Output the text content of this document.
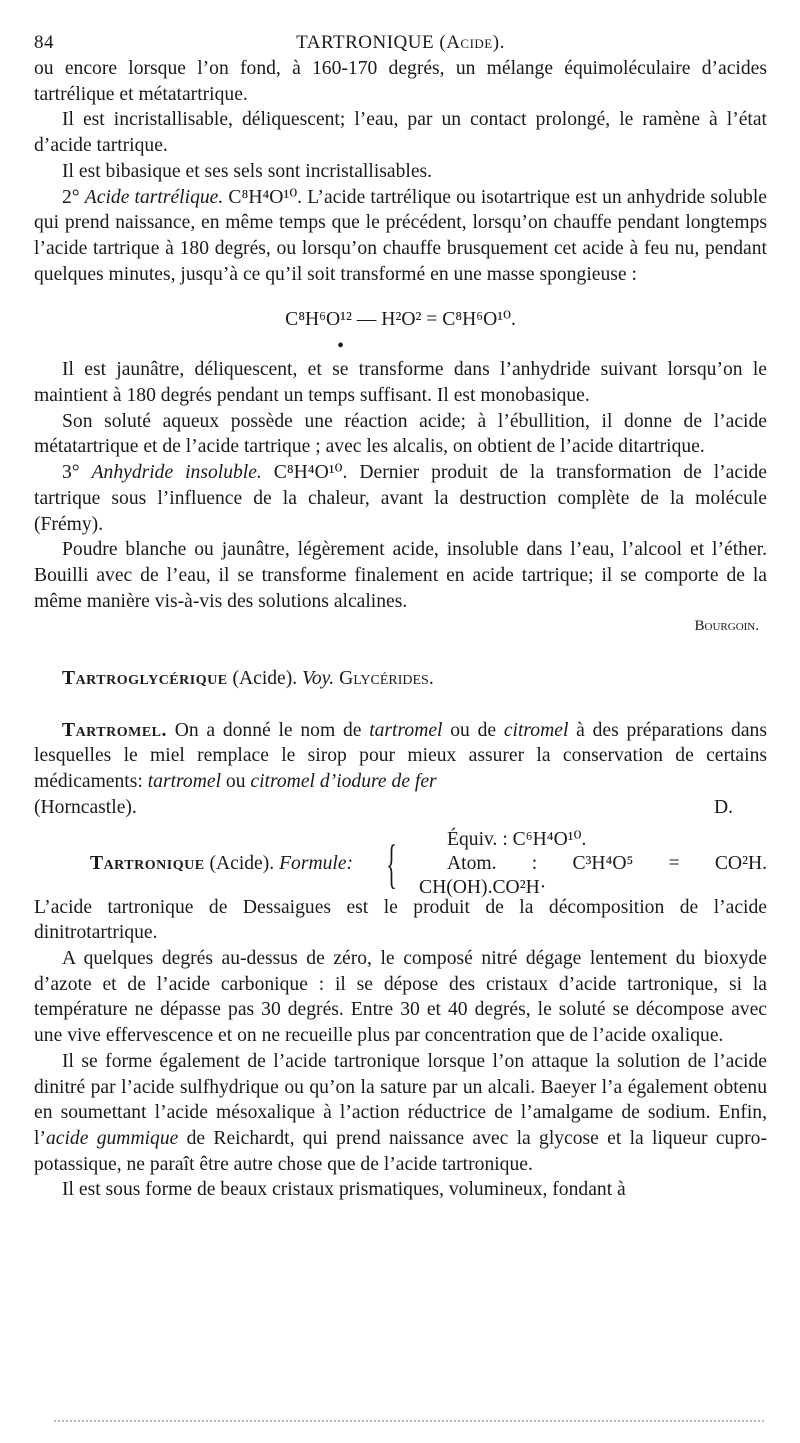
84	TARTRONIQUE (Acide).

ou encore lorsque l’on fond, à 160-170 degrés, un mélange équimoléculaire d’acides tartrélique et métatartrique.

Il est incristallisable, déliquescent; l’eau, par un contact prolongé, le ramène à l’état d’acide tartrique.

Il est bibasique et ses sels sont incristallisables.

2° Acide tartrélique. C⁸H⁴O¹⁰. L’acide tartrélique ou isotartrique est un anhydride soluble qui prend naissance, en même temps que le précédent, lorsqu’on chauffe pendant longtemps l’acide tartrique à 180 degrés, ou lorsqu’on chauffe brusquement cet acide à feu nu, pendant quelques minutes, jusqu’à ce qu’il soit transformé en une masse spongieuse :

C⁸H⁶O¹² — H²O² = C⁸H⁶O¹⁰.
•

Il est jaunâtre, déliquescent, et se transforme dans l’anhydride suivant lorsqu’on le maintient à 180 degrés pendant un temps suffisant. Il est monobasique.

Son soluté aqueux possède une réaction acide; à l’ébullition, il donne de l’acide métatartrique et de l’acide tartrique ; avec les alcalis, on obtient de l’acide ditartrique.

3° Anhydride insoluble. C⁸H⁴O¹⁰. Dernier produit de la transformation de l’acide tartrique sous l’influence de la chaleur, avant la destruction complète de la molécule (Frémy).

Poudre blanche ou jaunâtre, légèrement acide, insoluble dans l’eau, l’alcool et l’éther. Bouilli avec de l’eau, il se transforme finalement en acide tartrique; il se comporte de la même manière vis-à-vis des solutions alcalines.

Bourgoin.

Tartroglycérique (Acide). Voy. Glycérides.

Tartromel. On a donné le nom de tartromel ou de citromel à des préparations dans lesquelles le miel remplace le sirop pour mieux assurer la conservation de certains médicaments: tartromel ou citromel d’iodure de fer

(Horncastle).	D.
Tartronique (Acide). Formule: {	Équiv. : C⁶H⁴O¹⁰.
Atom. : C³H⁴O⁵ = CO²H. CH(OH).CO²H·

L’acide tartronique de Dessaigues est le produit de la décomposition de l’acide dinitrotartrique.

A quelques degrés au-dessus de zéro, le composé nitré dégage lentement du bioxyde d’azote et de l’acide carbonique : il se dépose des cristaux d’acide tartronique, si la température ne dépasse pas 30 degrés. Entre 30 et 40 degrés, le soluté se décompose avec une vive effervescence et on ne recueille plus par concentration que de l’acide oxalique.

Il se forme également de l’acide tartronique lorsque l’on attaque la solution de l’acide dinitré par l’acide sulfhydrique ou qu’on la sature par un alcali. Baeyer l’a également obtenu en soumettant l’acide mésoxalique à l’action réductrice de l’amalgame de sodium. Enfin, l’acide gummique de Reichardt, qui prend naissance avec la glycose et la liqueur cupro-potassique, ne paraît être autre chose que de l’acide tartronique.

Il est sous forme de beaux cristaux prismatiques, volumineux, fondant à
